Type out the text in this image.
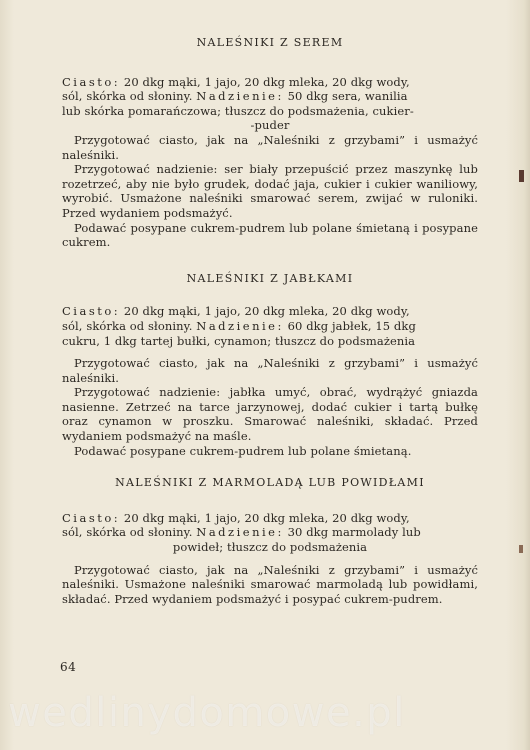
NALEŚNIKI Z SEREM

Ciasto: 20 dkg mąki, 1 jajo, 20 dkg mleka, 20 dkg wody,

sól, skórka od słoniny. Nadzienie: 50 dkg sera, wanilia

lub skórka pomarańczowa; tłuszcz do podsmażenia, cukier-

-puder

Przygotować ciasto, jak na „Naleśniki z grzybami” i usmażyć naleśniki.

Przygotować nadzienie: ser biały przepuścić przez maszynkę lub rozetrzeć, aby nie było grudek, dodać jaja, cukier i cukier waniliowy, wyrobić. Usmażone naleśniki smarować serem, zwijać w ruloniki. Przed wydaniem podsmażyć.

Podawać posypane cukrem-pudrem lub polane śmietaną i posypane cukrem.

NALEŚNIKI Z JABŁKAMI

Ciasto: 20 dkg mąki, 1 jajo, 20 dkg mleka, 20 dkg wody,

sól, skórka od słoniny. Nadzienie: 60 dkg jabłek, 15 dkg

cukru, 1 dkg tartej bułki, cynamon; tłuszcz do podsmażenia

Przygotować ciasto, jak na „Naleśniki z grzybami” i usmażyć naleśniki.

Przygotować nadzienie: jabłka umyć, obrać, wydrążyć gniazda nasienne. Zetrzeć na tarce jarzynowej, dodać cukier i tartą bułkę oraz cynamon w proszku. Smarować naleśniki, składać. Przed wydaniem podsmażyć na maśle.

Podawać posypane cukrem-pudrem lub polane śmietaną.

NALEŚNIKI Z MARMOLADĄ LUB POWIDŁAMI

Ciasto: 20 dkg mąki, 1 jajo, 20 dkg mleka, 20 dkg wody,

sól, skórka od słoniny. Nadzienie: 30 dkg marmolady lub

powideł; tłuszcz do podsmażenia

Przygotować ciasto, jak na „Naleśniki z grzybami” i usmażyć naleśniki. Usmażone naleśniki smarować marmoladą lub powidłami, składać. Przed wydaniem podsmażyć i posypać cukrem-pudrem.

64

wedlinydomowe.pl
